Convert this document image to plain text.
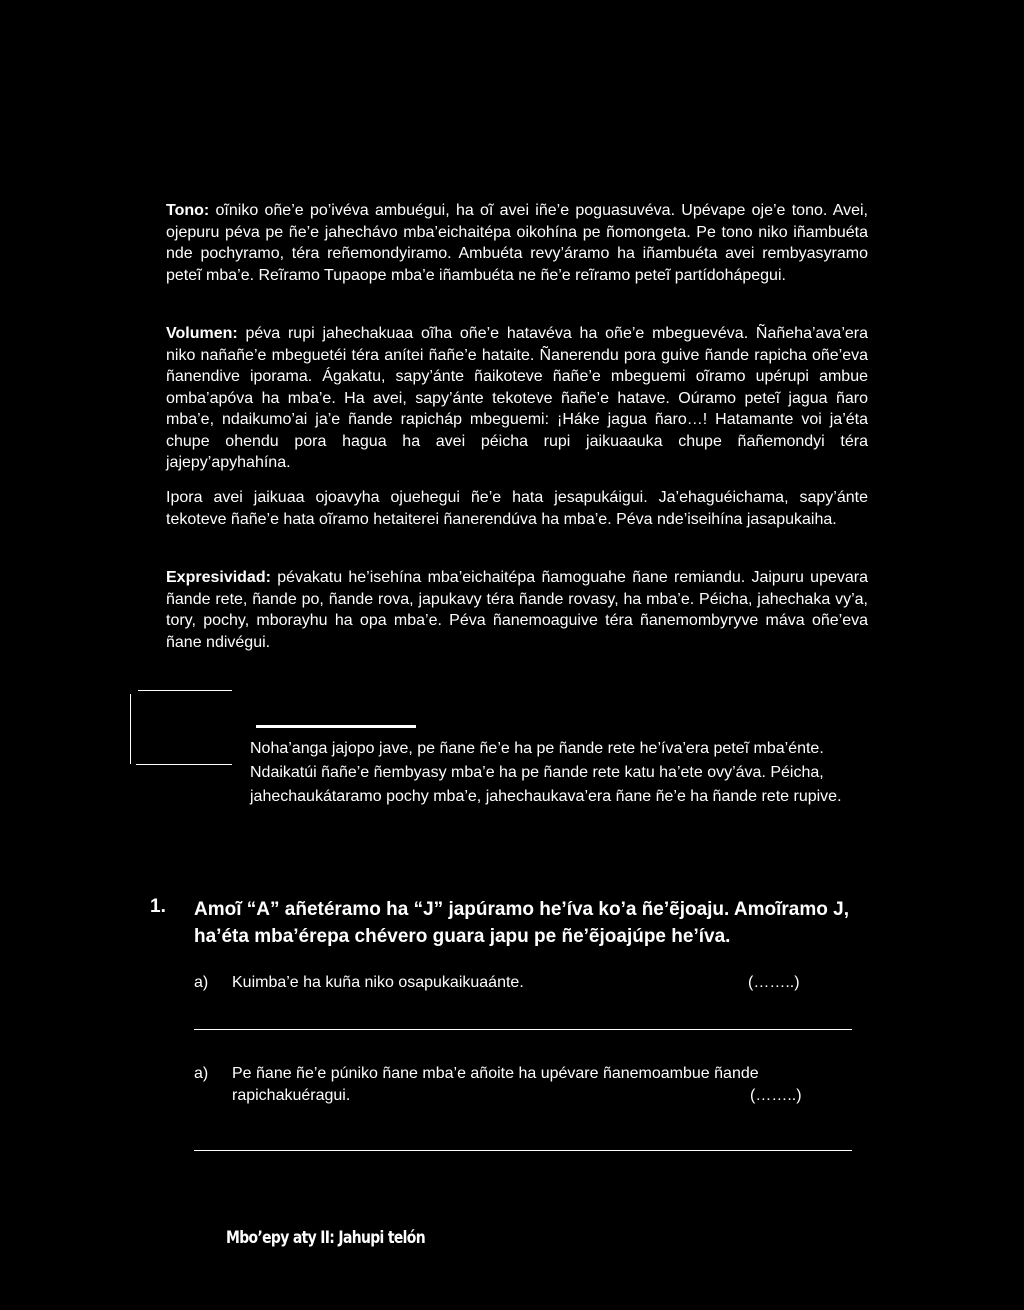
Tono: oĩniko oñe’e po’ivéva ambuégui, ha oĩ avei iñe’e poguasuvéva. Upévape oje’e tono. Avei, ojepuru péva pe ñe’e jahechávo mba’eichaitépa oikohína pe ñomongeta. Pe tono niko iñambuéta nde pochyramo, téra reñemondyiramo. Ambuéta revy’áramo ha iñambuéta avei rembyasyramo peteĩ mba’e. Reĩramo Tupaope mba’e iñambuéta ne ñe’e reĩramo peteĩ partídohápegui.

Volumen: péva rupi jahechakuaa oĩha oñe’e hatavéva ha oñe’e mbeguevéva. Ñañeha’ava’era niko nañañe’e mbeguetéi téra anítei ñañe’e hataite. Ñanerendu pora guive ñande rapicha oñe’eva ñanendive iporama. Ágakatu, sapy’ánte ñaikoteve ñañe’e mbeguemi oĩramo upérupi ambue omba’apóva ha mba’e. Ha avei, sapy’ánte tekoteve ñañe’e hatave. Oúramo peteĩ jagua ñaro mba’e, ndaikumo’ai ja’e ñande rapicháp mbeguemi: ¡Háke jagua ñaro…! Hatamante voi ja’éta chupe ohendu pora hagua ha avei péicha rupi jaikuaauka chupe ñañemondyi téra jajepy’apyhahína.

Ipora avei jaikuaa ojoavyha ojuehegui ñe’e hata jesapukáigui. Ja’ehaguéichama, sapy’ánte tekoteve ñañe’e hata oĩramo hetaiterei ñanerendúva ha mba’e. Péva nde’iseihína jasapukaiha.

Expresividad: pévakatu he’isehína mba’eichaitépa ñamoguahe ñane remiandu. Jaipuru upevara ñande rete, ñande po, ñande rova, japukavy téra ñande rovasy, ha mba’e. Péicha, jahechaka vy’a, tory, pochy, mborayhu ha opa mba’e. Péva ñanemoaguive téra ñanemombyryve máva oñe’eva ñane ndivégui.

Noha’anga jajopo jave, pe ñane ñe’e ha pe ñande rete he’íva’era peteĩ mba’énte. Ndaikatúi ñañe’e ñembyasy mba’e ha pe ñande rete katu ha’ete ovy’áva. Péicha, jahechaukátaramo pochy mba’e, jahechaukava’era ñane ñe’e ha ñande rete rupive.

1. Amoĩ “A” añetéramo ha “J” japúramo he’íva ko’a ñe’ẽjoaju. Amoĩramo J, ha’éta mba’érepa chévero guara japu pe ñe’ẽjoajúpe he’íva.
a) Kuimba’e ha kuña niko osapukaikuaánte.	(……..)
a) Pe ñane ñe’e púniko ñane mba’e añoite ha upévare ñanemoambue ñande rapichakuéragui.	(……..)
Mbo’epy aty II: Jahupi telón
